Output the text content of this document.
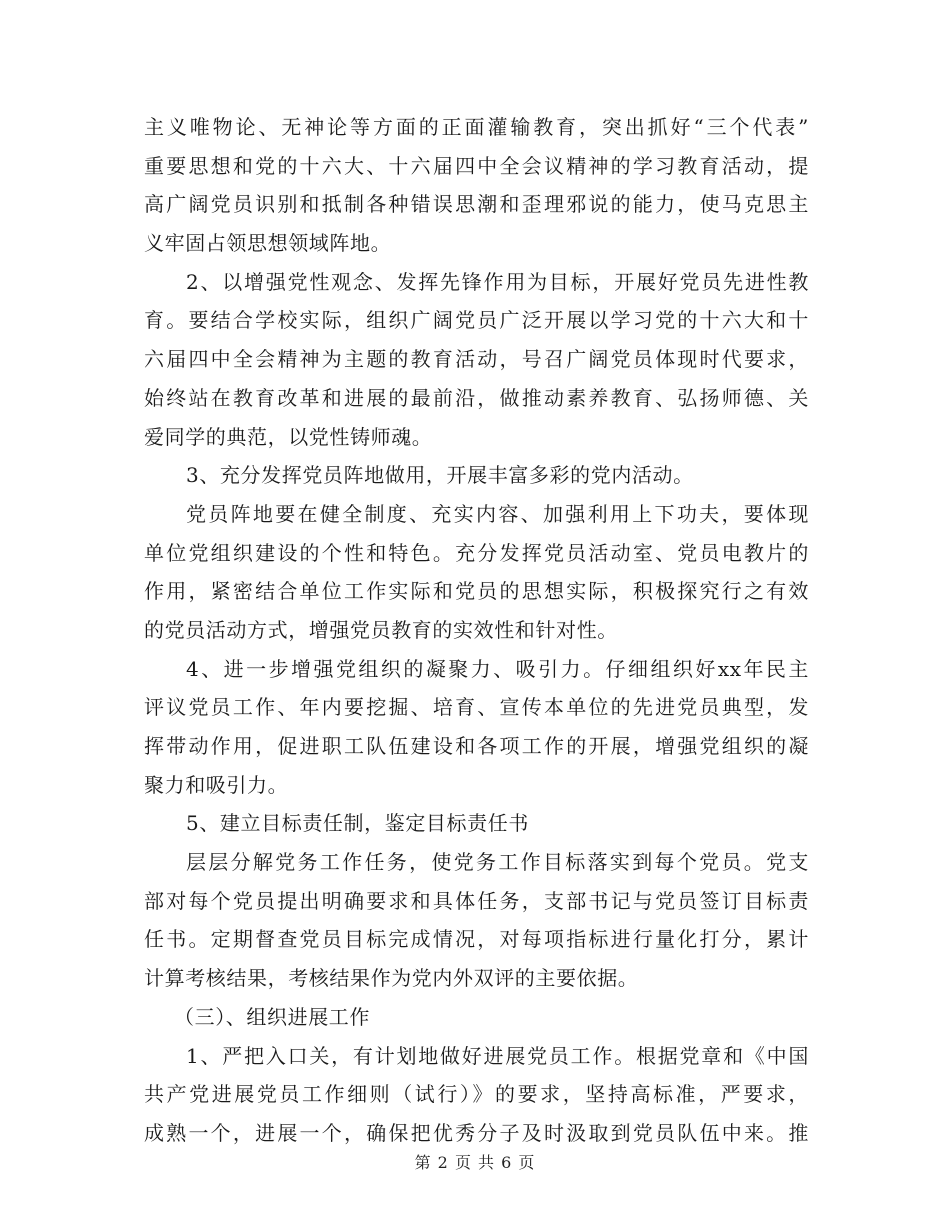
主义唯物论、无神论等方面的正面灌输教育，突出抓好“三个代表”
重要思想和党的十六大、十六届四中全会议精神的学习教育活动，提
高广阔党员识别和抵制各种错误思潮和歪理邪说的能力，使马克思主
义牢固占领思想领域阵地。
2、以增强党性观念、发挥先锋作用为目标，开展好党员先进性教
育。要结合学校实际，组织广阔党员广泛开展以学习党的十六大和十
六届四中全会精神为主题的教育活动，号召广阔党员体现时代要求，
始终站在教育改革和进展的最前沿，做推动素养教育、弘扬师德、关
爱同学的典范，以党性铸师魂。
3、充分发挥党员阵地做用，开展丰富多彩的党内活动。
党员阵地要在健全制度、充实内容、加强利用上下功夫，要体现
单位党组织建设的个性和特色。充分发挥党员活动室、党员电教片的
作用，紧密结合单位工作实际和党员的思想实际，积极探究行之有效
的党员活动方式，增强党员教育的实效性和针对性。
4、进一步增强党组织的凝聚力、吸引力。仔细组织好xx年民主
评议党员工作、年内要挖掘、培育、宣传本单位的先进党员典型，发
挥带动作用，促进职工队伍建设和各项工作的开展，增强党组织的凝
聚力和吸引力。
5、建立目标责任制，鉴定目标责任书
层层分解党务工作任务，使党务工作目标落实到每个党员。党支
部对每个党员提出明确要求和具体任务，支部书记与党员签订目标责
任书。定期督查党员目标完成情况，对每项指标进行量化打分，累计
计算考核结果，考核结果作为党内外双评的主要依据。
（三）、组织进展工作
1、严把入口关，有计划地做好进展党员工作。根据党章和《中国
共产党进展党员工作细则（试行）》的要求，坚持高标准，严要求，
成熟一个，进展一个，确保把优秀分子及时汲取到党员队伍中来。推
第 2 页 共 6 页
